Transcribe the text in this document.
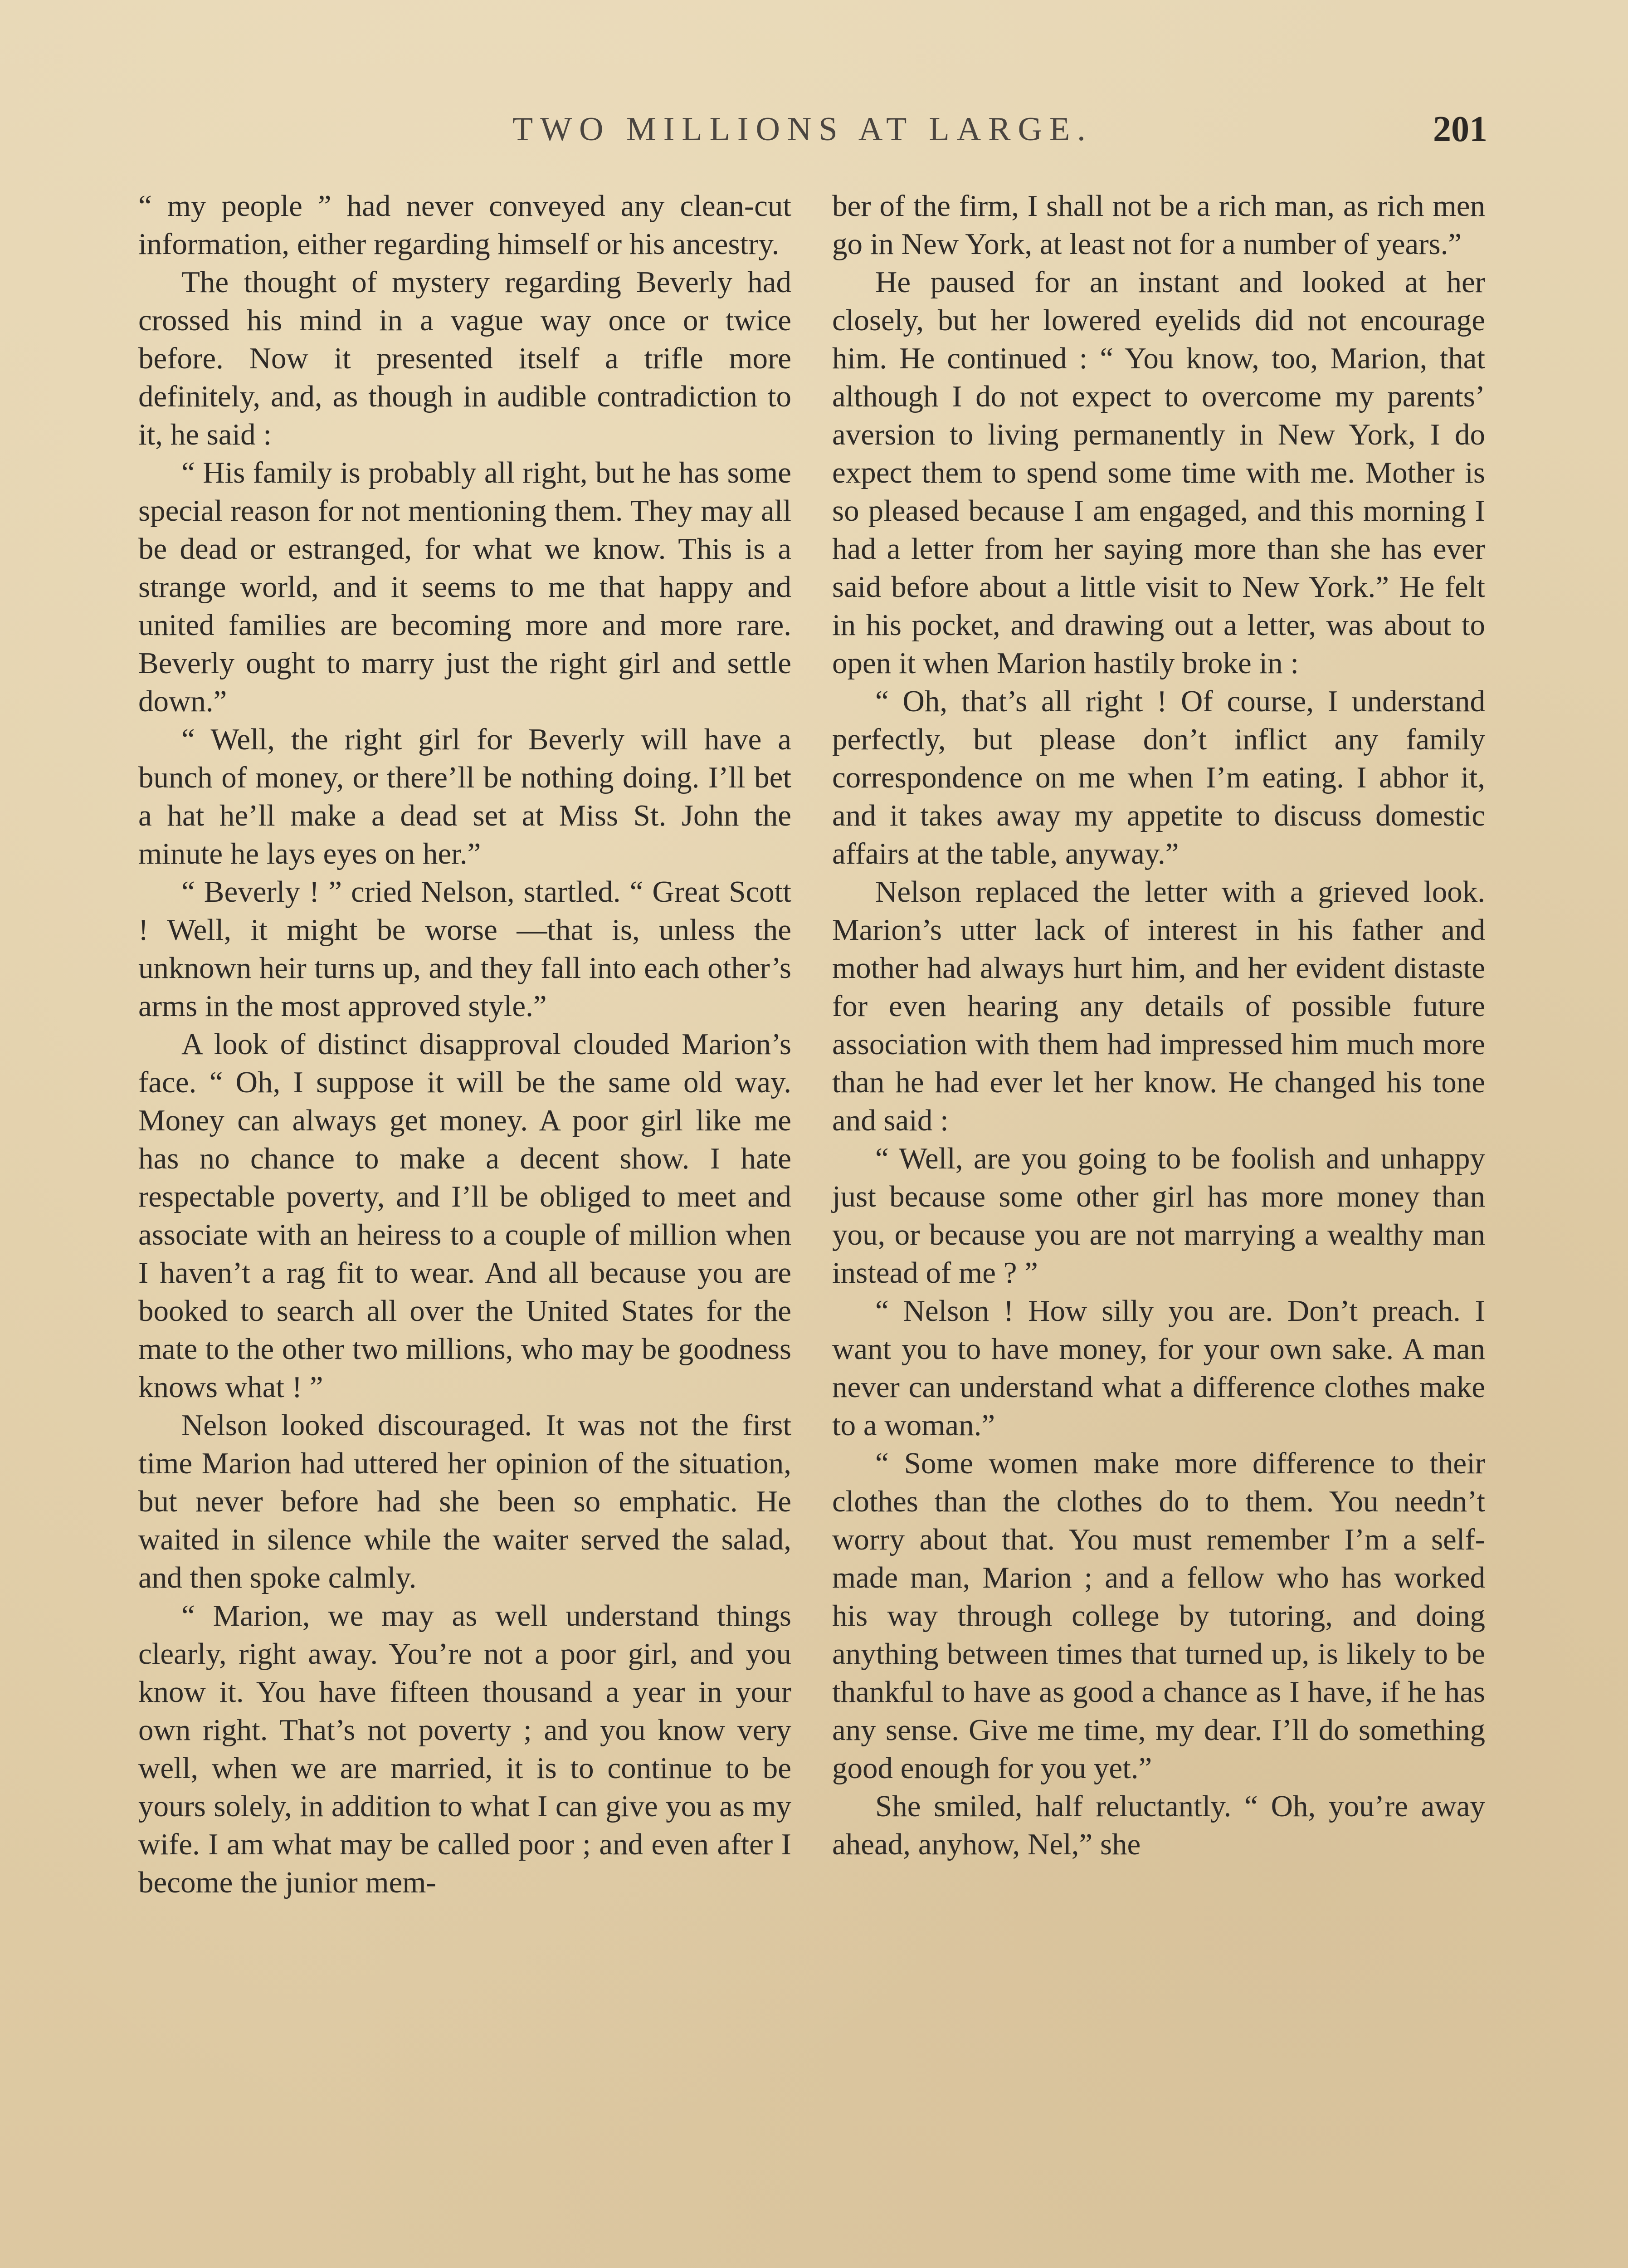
TWO MILLIONS AT LARGE.	201

“ my people ” had never conveyed any clean-cut information, either regarding himself or his ancestry.

The thought of mystery regarding Beverly had crossed his mind in a vague way once or twice before. Now it presented itself a trifle more definitely, and, as though in audible contradiction to it, he said :

“ His family is probably all right, but he has some special reason for not mentioning them. They may all be dead or estranged, for what we know. This is a strange world, and it seems to me that happy and united families are becoming more and more rare. Beverly ought to marry just the right girl and settle down.”

“ Well, the right girl for Beverly will have a bunch of money, or there’ll be nothing doing. I’ll bet a hat he’ll make a dead set at Miss St. John the minute he lays eyes on her.”

“ Beverly ! ” cried Nelson, startled. “ Great Scott ! Well, it might be worse —that is, unless the unknown heir turns up, and they fall into each other’s arms in the most approved style.”

A look of distinct disapproval clouded Marion’s face. “ Oh, I suppose it will be the same old way. Money can always get money. A poor girl like me has no chance to make a decent show. I hate respectable poverty, and I’ll be obliged to meet and associate with an heiress to a couple of million when I haven’t a rag fit to wear. And all because you are booked to search all over the United States for the mate to the other two millions, who may be goodness knows what ! ”

Nelson looked discouraged. It was not the first time Marion had uttered her opinion of the situation, but never before had she been so emphatic. He waited in silence while the waiter served the salad, and then spoke calmly.

“ Marion, we may as well understand things clearly, right away. You’re not a poor girl, and you know it. You have fifteen thousand a year in your own right. That’s not poverty ; and you know very well, when we are married, it is to continue to be yours solely, in addition to what I can give you as my wife. I am what may be called poor ; and even after I become the junior mem-

ber of the firm, I shall not be a rich man, as rich men go in New York, at least not for a number of years.”

He paused for an instant and looked at her closely, but her lowered eyelids did not encourage him. He continued : “ You know, too, Marion, that although I do not expect to overcome my parents’ aversion to living permanently in New York, I do expect them to spend some time with me. Mother is so pleased because I am engaged, and this morning I had a letter from her saying more than she has ever said before about a little visit to New York.” He felt in his pocket, and drawing out a letter, was about to open it when Marion hastily broke in :

“ Oh, that’s all right ! Of course, I understand perfectly, but please don’t inflict any family correspondence on me when I’m eating. I abhor it, and it takes away my appetite to discuss domestic affairs at the table, anyway.”

Nelson replaced the letter with a grieved look. Marion’s utter lack of interest in his father and mother had always hurt him, and her evident distaste for even hearing any details of possible future association with them had impressed him much more than he had ever let her know. He changed his tone and said :

“ Well, are you going to be foolish and unhappy just because some other girl has more money than you, or because you are not marrying a wealthy man instead of me ? ”

“ Nelson ! How silly you are. Don’t preach. I want you to have money, for your own sake. A man never can understand what a difference clothes make to a woman.”

“ Some women make more difference to their clothes than the clothes do to them. You needn’t worry about that. You must remember I’m a self-made man, Marion ; and a fellow who has worked his way through college by tutoring, and doing anything between times that turned up, is likely to be thankful to have as good a chance as I have, if he has any sense. Give me time, my dear. I’ll do something good enough for you yet.”

She smiled, half reluctantly. “ Oh, you’re away ahead, anyhow, Nel,” she
